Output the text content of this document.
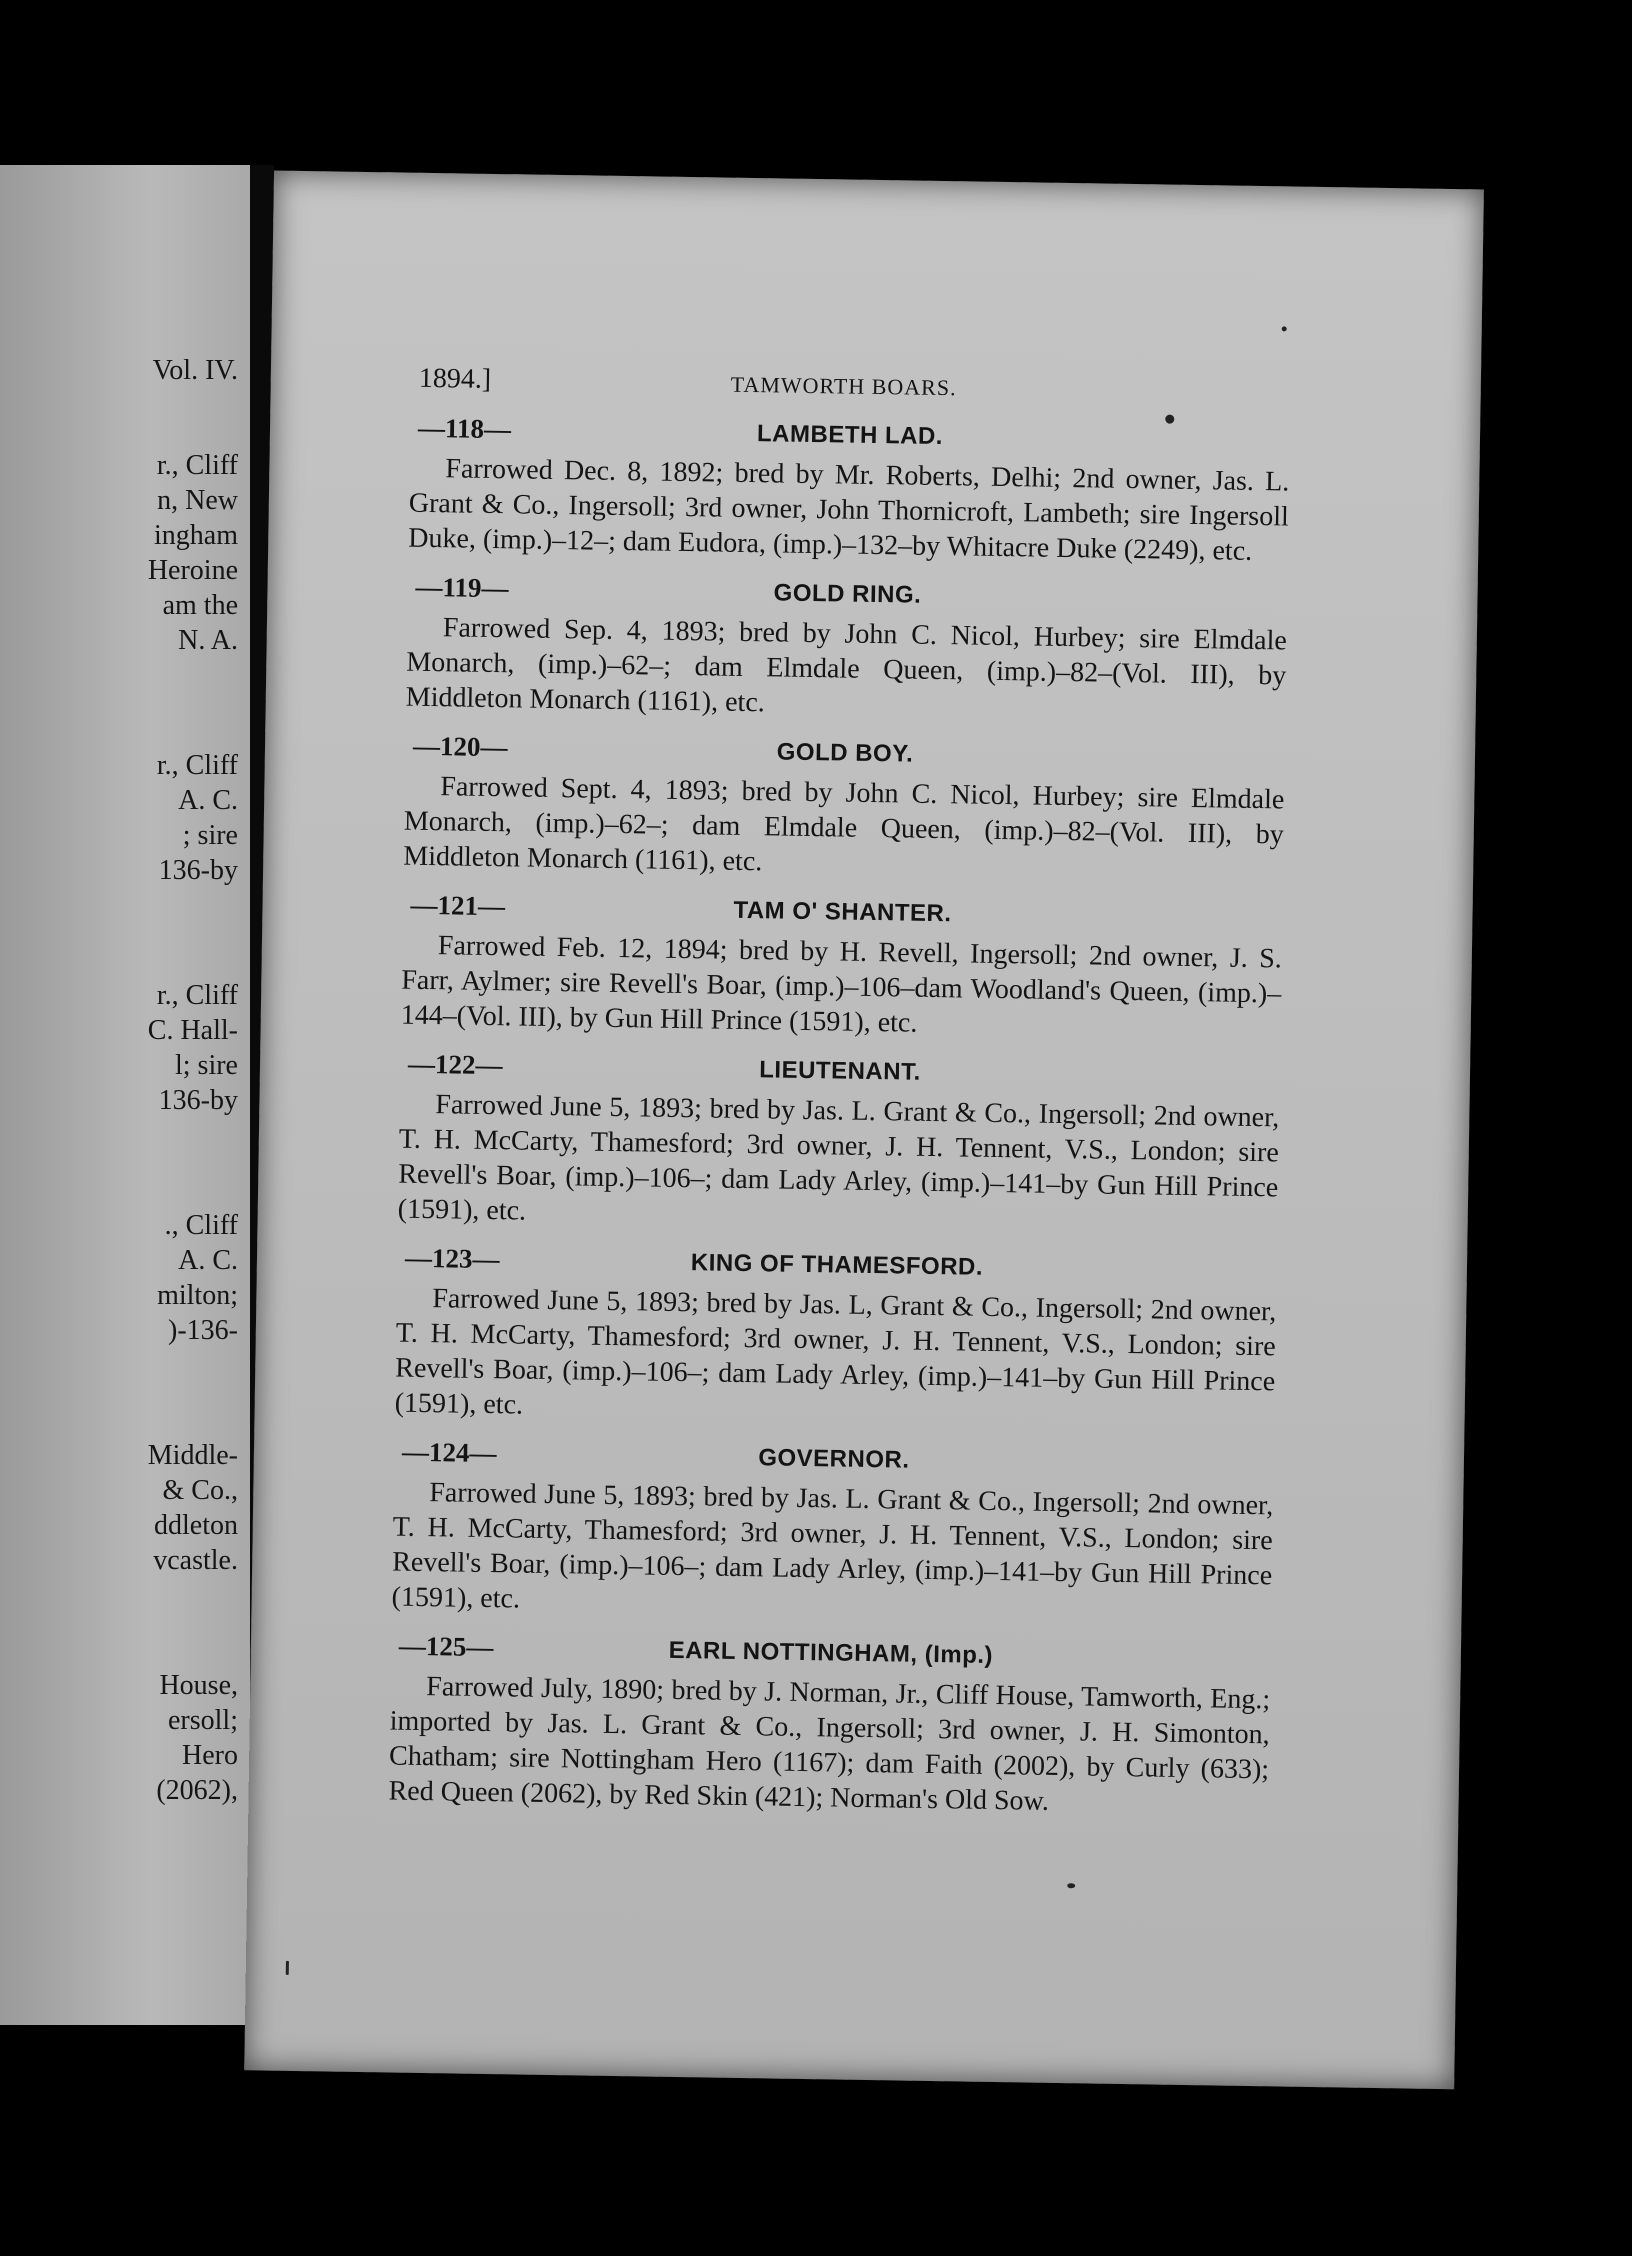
Vol. IV.
r., Cliff
n, New
ingham
Heroine
am the
N. A.
r., Cliff
A. C.
; sire
136-by
r., Cliff
C. Hall-
l; sire
136-by
., Cliff
A. C.
milton;
)-136-
Middle-
& Co.,
ddleton
vcastle.
House,
ersoll;
Hero
(2062),
1894.]	TAMWORTH BOARS.
—118—	LAMBETH LAD.
Farrowed Dec. 8, 1892; bred by Mr. Roberts, Delhi; 2nd owner, Jas. L. Grant & Co., Ingersoll; 3rd owner, John Thornicroft, Lambeth; sire Ingersoll Duke, (imp.)–12–; dam Eudora, (imp.)–132–by Whitacre Duke (2249), etc.
—119—	GOLD RING.
Farrowed Sep. 4, 1893; bred by John C. Nicol, Hurbey; sire Elmdale Monarch, (imp.)–62–; dam Elmdale Queen, (imp.)–82–(Vol. III), by Middleton Monarch (1161), etc.
—120—	GOLD BOY.
Farrowed Sept. 4, 1893; bred by John C. Nicol, Hurbey; sire Elmdale Monarch, (imp.)–62–; dam Elmdale Queen, (imp.)–82–(Vol. III), by Middleton Monarch (1161), etc.
—121—	TAM O' SHANTER.
Farrowed Feb. 12, 1894; bred by H. Revell, Ingersoll; 2nd owner, J. S. Farr, Aylmer; sire Revell's Boar, (imp.)–106–dam Woodland's Queen, (imp.)–144–(Vol. III), by Gun Hill Prince (1591), etc.
—122—	LIEUTENANT.
Farrowed June 5, 1893; bred by Jas. L. Grant & Co., Ingersoll; 2nd owner, T. H. McCarty, Thamesford; 3rd owner, J. H. Tennent, V.S., London; sire Revell's Boar, (imp.)–106–; dam Lady Arley, (imp.)–141–by Gun Hill Prince (1591), etc.
—123—	KING OF THAMESFORD.
Farrowed June 5, 1893; bred by Jas. L, Grant & Co., Ingersoll; 2nd owner, T. H. McCarty, Thamesford; 3rd owner, J. H. Tennent, V.S., London; sire Revell's Boar, (imp.)–106–; dam Lady Arley, (imp.)–141–by Gun Hill Prince (1591), etc.
—124—	GOVERNOR.
Farrowed June 5, 1893; bred by Jas. L. Grant & Co., Ingersoll; 2nd owner, T. H. McCarty, Thamesford; 3rd owner, J. H. Tennent, V.S., London; sire Revell's Boar, (imp.)–106–; dam Lady Arley, (imp.)–141–by Gun Hill Prince (1591), etc.
—125—	EARL NOTTINGHAM, (Imp.)
Farrowed July, 1890; bred by J. Norman, Jr., Cliff House, Tamworth, Eng.; imported by Jas. L. Grant & Co., Ingersoll; 3rd owner, J. H. Simonton, Chatham; sire Nottingham Hero (1167); dam Faith (2002), by Curly (633); Red Queen (2062), by Red Skin (421); Norman's Old Sow.
